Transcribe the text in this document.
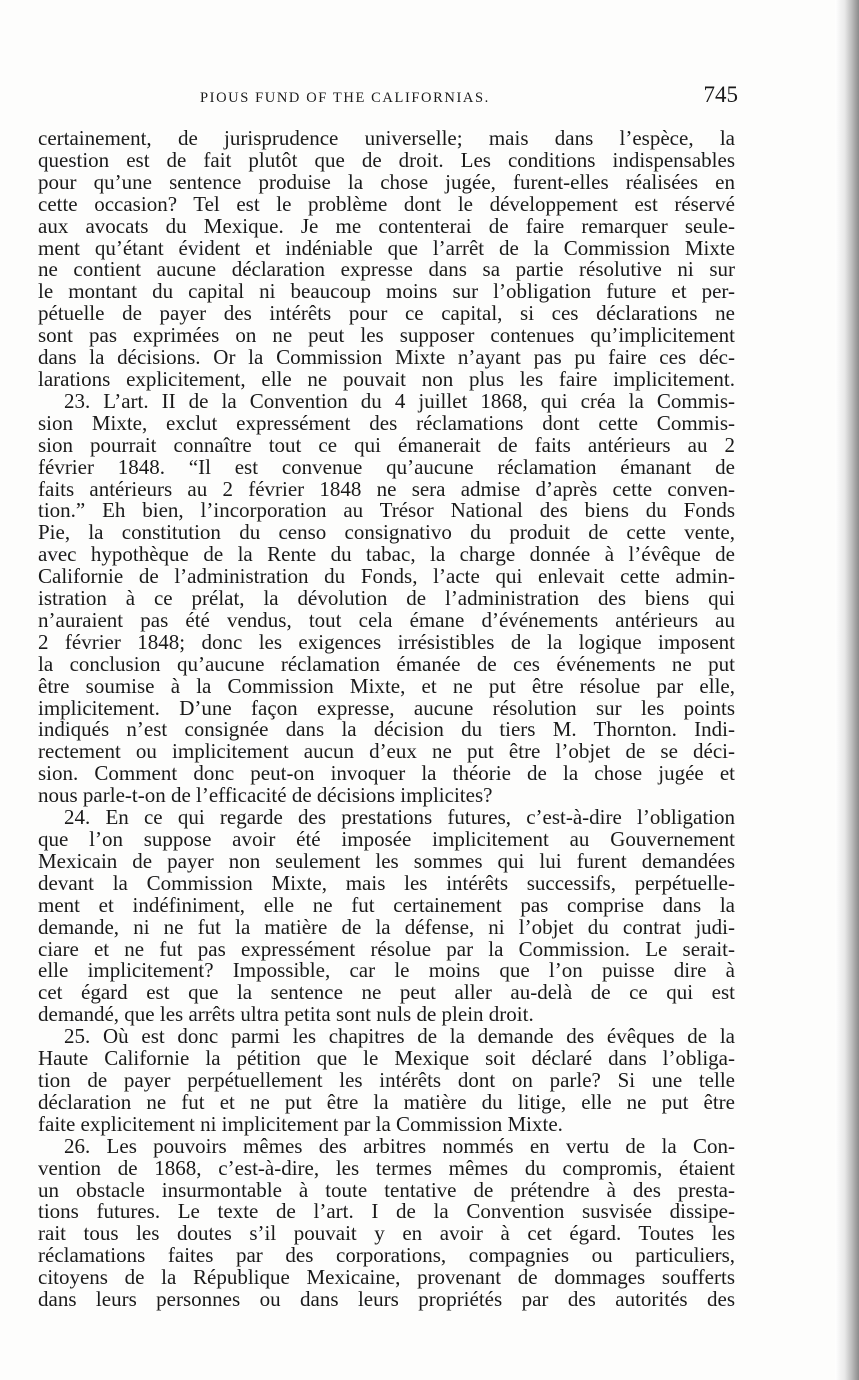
PIOUS FUND OF THE CALIFORNIAS.	745
certainement, de jurisprudence universelle; mais dans l’espèce, la
question est de fait plutôt que de droit. Les conditions indispensables
pour qu’une sentence produise la chose jugée, furent-elles réalisées en
cette occasion? Tel est le problème dont le développement est réservé
aux avocats du Mexique. Je me contenterai de faire remarquer seule-
ment qu’étant évident et indéniable que l’arrêt de la Commission Mixte
ne contient aucune déclaration expresse dans sa partie résolutive ni sur
le montant du capital ni beaucoup moins sur l’obligation future et per-
pétuelle de payer des intérêts pour ce capital, si ces déclarations ne
sont pas exprimées on ne peut les supposer contenues qu’implicitement
dans la décisions. Or la Commission Mixte n’ayant pas pu faire ces déc-
larations explicitement, elle ne pouvait non plus les faire implicitement.
23. L’art. II de la Convention du 4 juillet 1868, qui créa la Commis-
sion Mixte, exclut expressément des réclamations dont cette Commis-
sion pourrait connaître tout ce qui émanerait de faits antérieurs au 2
février 1848. “Il est convenue qu’aucune réclamation émanant de
faits antérieurs au 2 février 1848 ne sera admise d’après cette conven-
tion.” Eh bien, l’incorporation au Trésor National des biens du Fonds
Pie, la constitution du censo consignativo du produit de cette vente,
avec hypothèque de la Rente du tabac, la charge donnée à l’évêque de
Californie de l’administration du Fonds, l’acte qui enlevait cette admin-
istration à ce prélat, la dévolution de l’administration des biens qui
n’auraient pas été vendus, tout cela émane d’événements antérieurs au
2 février 1848; donc les exigences irrésistibles de la logique imposent
la conclusion qu’aucune réclamation émanée de ces événements ne put
être soumise à la Commission Mixte, et ne put être résolue par elle,
implicitement. D’une façon expresse, aucune résolution sur les points
indiqués n’est consignée dans la décision du tiers M. Thornton. Indi-
rectement ou implicitement aucun d’eux ne put être l’objet de se déci-
sion. Comment donc peut-on invoquer la théorie de la chose jugée et
nous parle-t-on de l’efficacité de décisions implicites?
24. En ce qui regarde des prestations futures, c’est-à-dire l’obligation
que l’on suppose avoir été imposée implicitement au Gouvernement
Mexicain de payer non seulement les sommes qui lui furent demandées
devant la Commission Mixte, mais les intérêts successifs, perpétuelle-
ment et indéfiniment, elle ne fut certainement pas comprise dans la
demande, ni ne fut la matière de la défense, ni l’objet du contrat judi-
ciare et ne fut pas expressément résolue par la Commission. Le serait-
elle implicitement? Impossible, car le moins que l’on puisse dire à
cet égard est que la sentence ne peut aller au-delà de ce qui est
demandé, que les arrêts ultra petita sont nuls de plein droit.
25. Où est donc parmi les chapitres de la demande des évêques de la
Haute Californie la pétition que le Mexique soit déclaré dans l’obliga-
tion de payer perpétuellement les intérêts dont on parle? Si une telle
déclaration ne fut et ne put être la matière du litige, elle ne put être
faite explicitement ni implicitement par la Commission Mixte.
26. Les pouvoirs mêmes des arbitres nommés en vertu de la Con-
vention de 1868, c’est-à-dire, les termes mêmes du compromis, étaient
un obstacle insurmontable à toute tentative de prétendre à des presta-
tions futures. Le texte de l’art. I de la Convention susvisée dissipe-
rait tous les doutes s’il pouvait y en avoir à cet égard. Toutes les
réclamations faites par des corporations, compagnies ou particuliers,
citoyens de la République Mexicaine, provenant de dommages soufferts
dans leurs personnes ou dans leurs propriétés par des autorités des
